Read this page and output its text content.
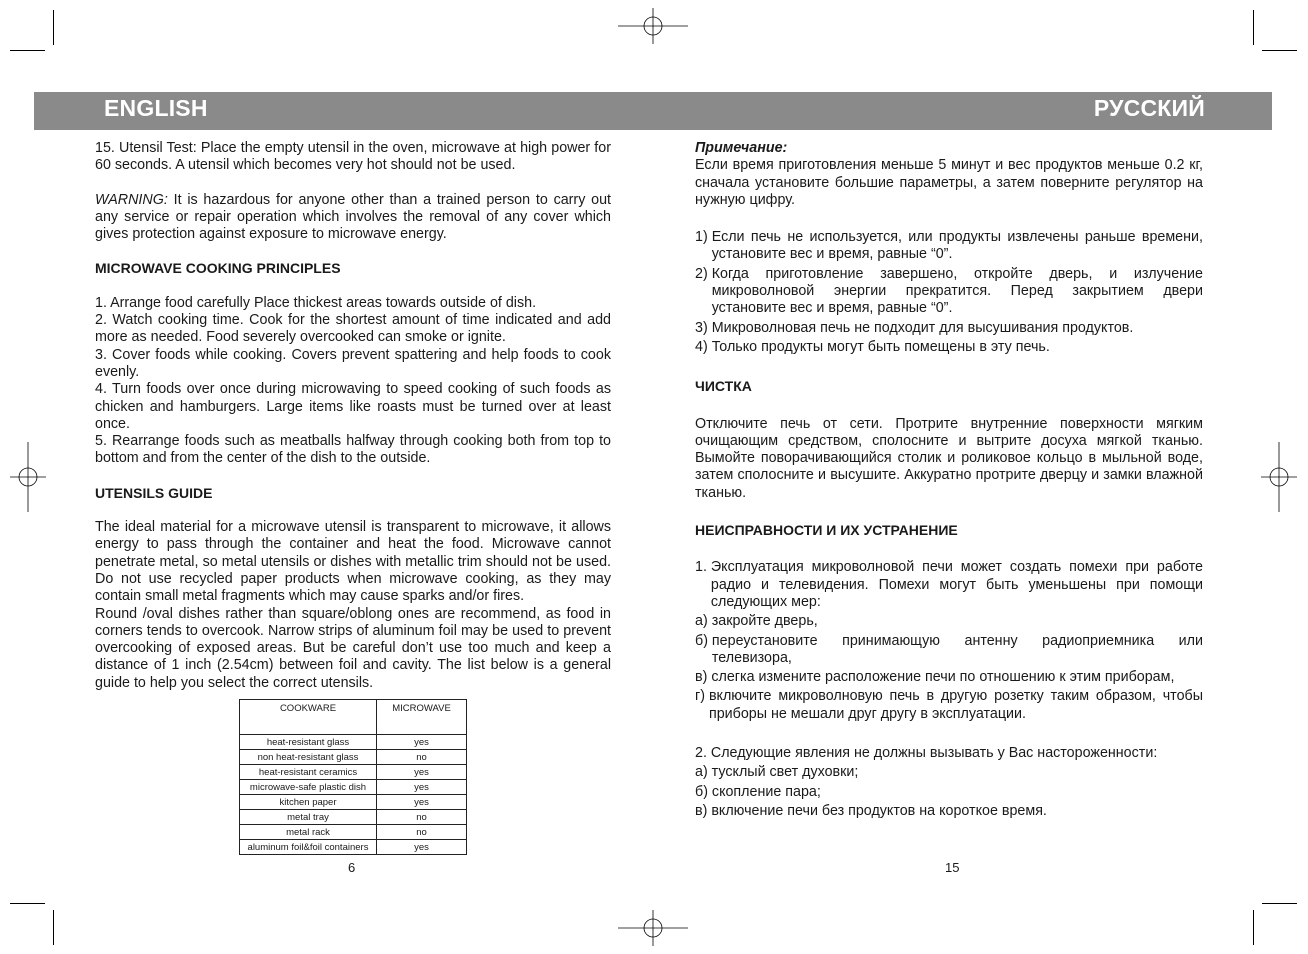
ENGLISH	РУССКИЙ

15. Utensil Test: Place the empty utensil in the oven, microwave at high power for 60 seconds. A utensil which becomes very hot should not be used.

WARNING: It is hazardous for anyone other than a trained person to carry out any service or repair operation which involves the removal of any cover which gives protection against exposure to microwave energy.

MICROWAVE COOKING PRINCIPLES

1. Arrange food carefully Place thickest areas towards outside of dish.

2. Watch cooking time. Cook for the shortest amount of time indicated and add more as needed. Food severely overcooked can smoke or ignite.

3. Cover foods while cooking. Covers prevent spattering and help foods to cook evenly.

4. Turn foods over once during microwaving to speed cooking of such foods as chicken and hamburgers. Large items like roasts must be turned over at least once.

5. Rearrange foods such as meatballs halfway through cooking both from top to bottom and from the center of the dish to the outside.

UTENSILS GUIDE

The ideal material for a microwave utensil is transparent to microwave, it allows energy to pass through the container and heat the food. Microwave cannot penetrate metal, so metal utensils or dishes with metallic trim should not be used. Do not use recycled paper products when microwave cooking, as they may contain small metal fragments which may cause sparks and/or fires.

Round /oval dishes rather than square/oblong ones are recommend, as food in corners tends to overcook. Narrow strips of aluminum foil may be used to prevent overcooking of exposed areas. But be careful don’t use too much and keep a distance of 1 inch (2.54cm) between foil and cavity. The list below is a general guide to help you select the correct utensils.

COOKWARE	MICROWAVE
heat-resistant glass	yes
non heat-resistant glass	no
heat-resistant ceramics	yes
microwave-safe plastic dish	yes
kitchen paper	yes
metal tray	no
metal rack	no
aluminum foil&foil containers	yes
6

Примечание:

Если время приготовления меньше 5 минут и вес продуктов меньше 0.2 кг, сначала установите большие параметры, а затем поверните регулятор на нужную цифру.

1) Если печь не используется, или продукты извлечены раньше времени, установите вес и время, равные “0”.
2) Когда приготовление завершено, откройте дверь, и излучение микроволновой энергии прекратится. Перед закрытием двери установите вес и время, равные “0”.
3) Микроволновая печь не подходит для высушивания продуктов.
4) Только продукты могут быть помещены в эту печь.

ЧИСТКА

Отключите печь от сети. Протрите внутренние поверхности мягким очищающим средством, сполосните и вытрите досуха мягкой тканью. Вымойте поворачивающийся столик и роликовое кольцо в мыльной воде, затем сполосните и высушите. Аккуратно протрите дверцу и замки влажной тканью.

НЕИСПРАВНОСТИ И ИХ УСТРАНЕНИЕ

1. Эксплуатация микроволновой печи может создать помехи при работе радио и телевидения. Помехи могут быть уменьшены при помощи следующих мер:
а) закройте дверь,
б) переустановите принимающую антенну радиоприемника или телевизора,
в) слегка измените расположение печи по отношению к этим приборам,
г) включите микроволновую печь в другую розетку таким образом, чтобы приборы не мешали друг другу в эксплуатации.

2. Следующие явления не должны вызывать у Вас настороженности:

а) тусклый свет духовки;

б) скопление пара;

в) включение печи без продуктов на короткое время.

15
